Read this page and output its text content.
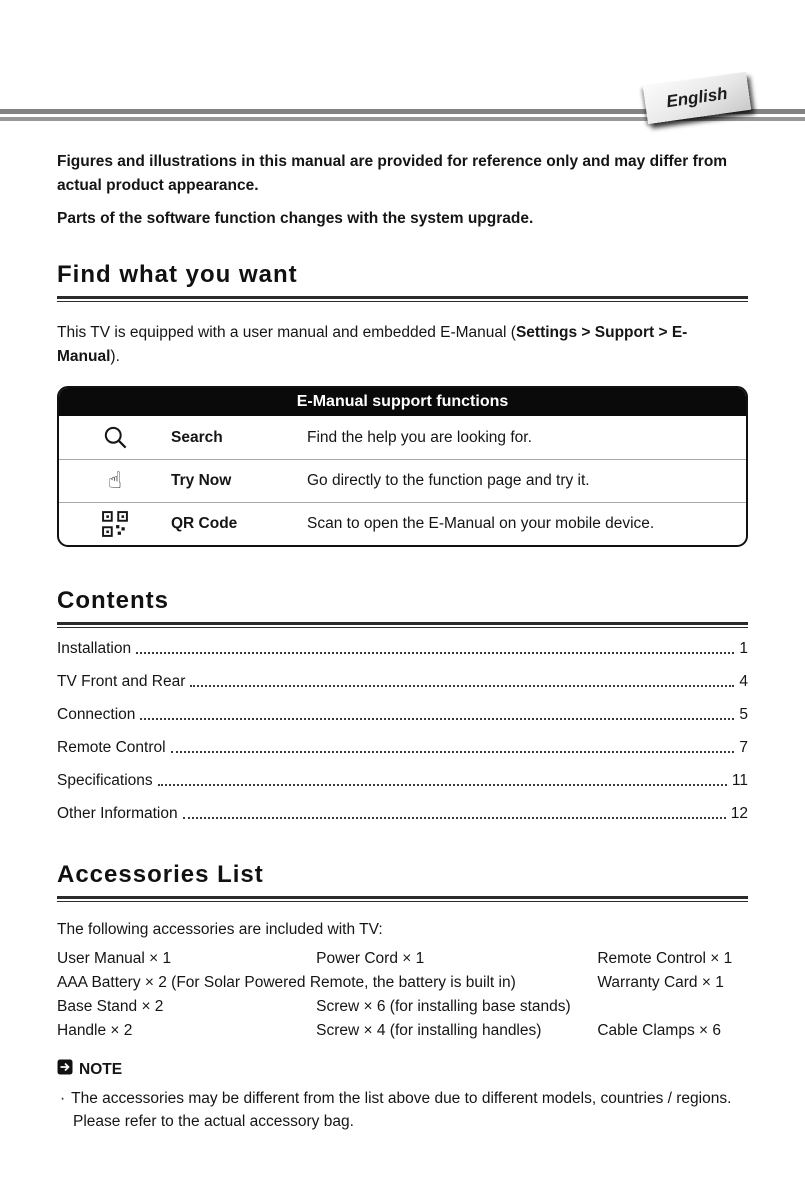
English

Figures and illustrations in this manual are provided for reference only and may differ from actual product appearance.

Parts of the software function changes with the system upgrade.

Find what you want

This TV is equipped with a user manual and embedded E-Manual (Settings > Support > E-Manual).

E-Manual support functions
Search	Find the help you are looking for.
☝	Try Now	Go directly to the function page and try it.
QR Code	Scan to open the E-Manual on your mobile device.
Contents
Installation	1
TV Front and Rear	4
Connection	5
Remote Control	7
Specifications	11
Other Information	12
Accessories List

The following accessories are included with TV:

User Manual × 1	Power Cord × 1	Remote Control × 1
AAA Battery × 2 (For Solar Powered Remote, the battery is built in)	Warranty Card × 1
Base Stand × 2	Screw × 6 (for installing base stands)
Handle × 2	Screw × 4 (for installing handles)	Cable Clamps × 6
NOTE

· The accessories may be different from the list above due to different models, countries / regions. Please refer to the actual accessory bag.
